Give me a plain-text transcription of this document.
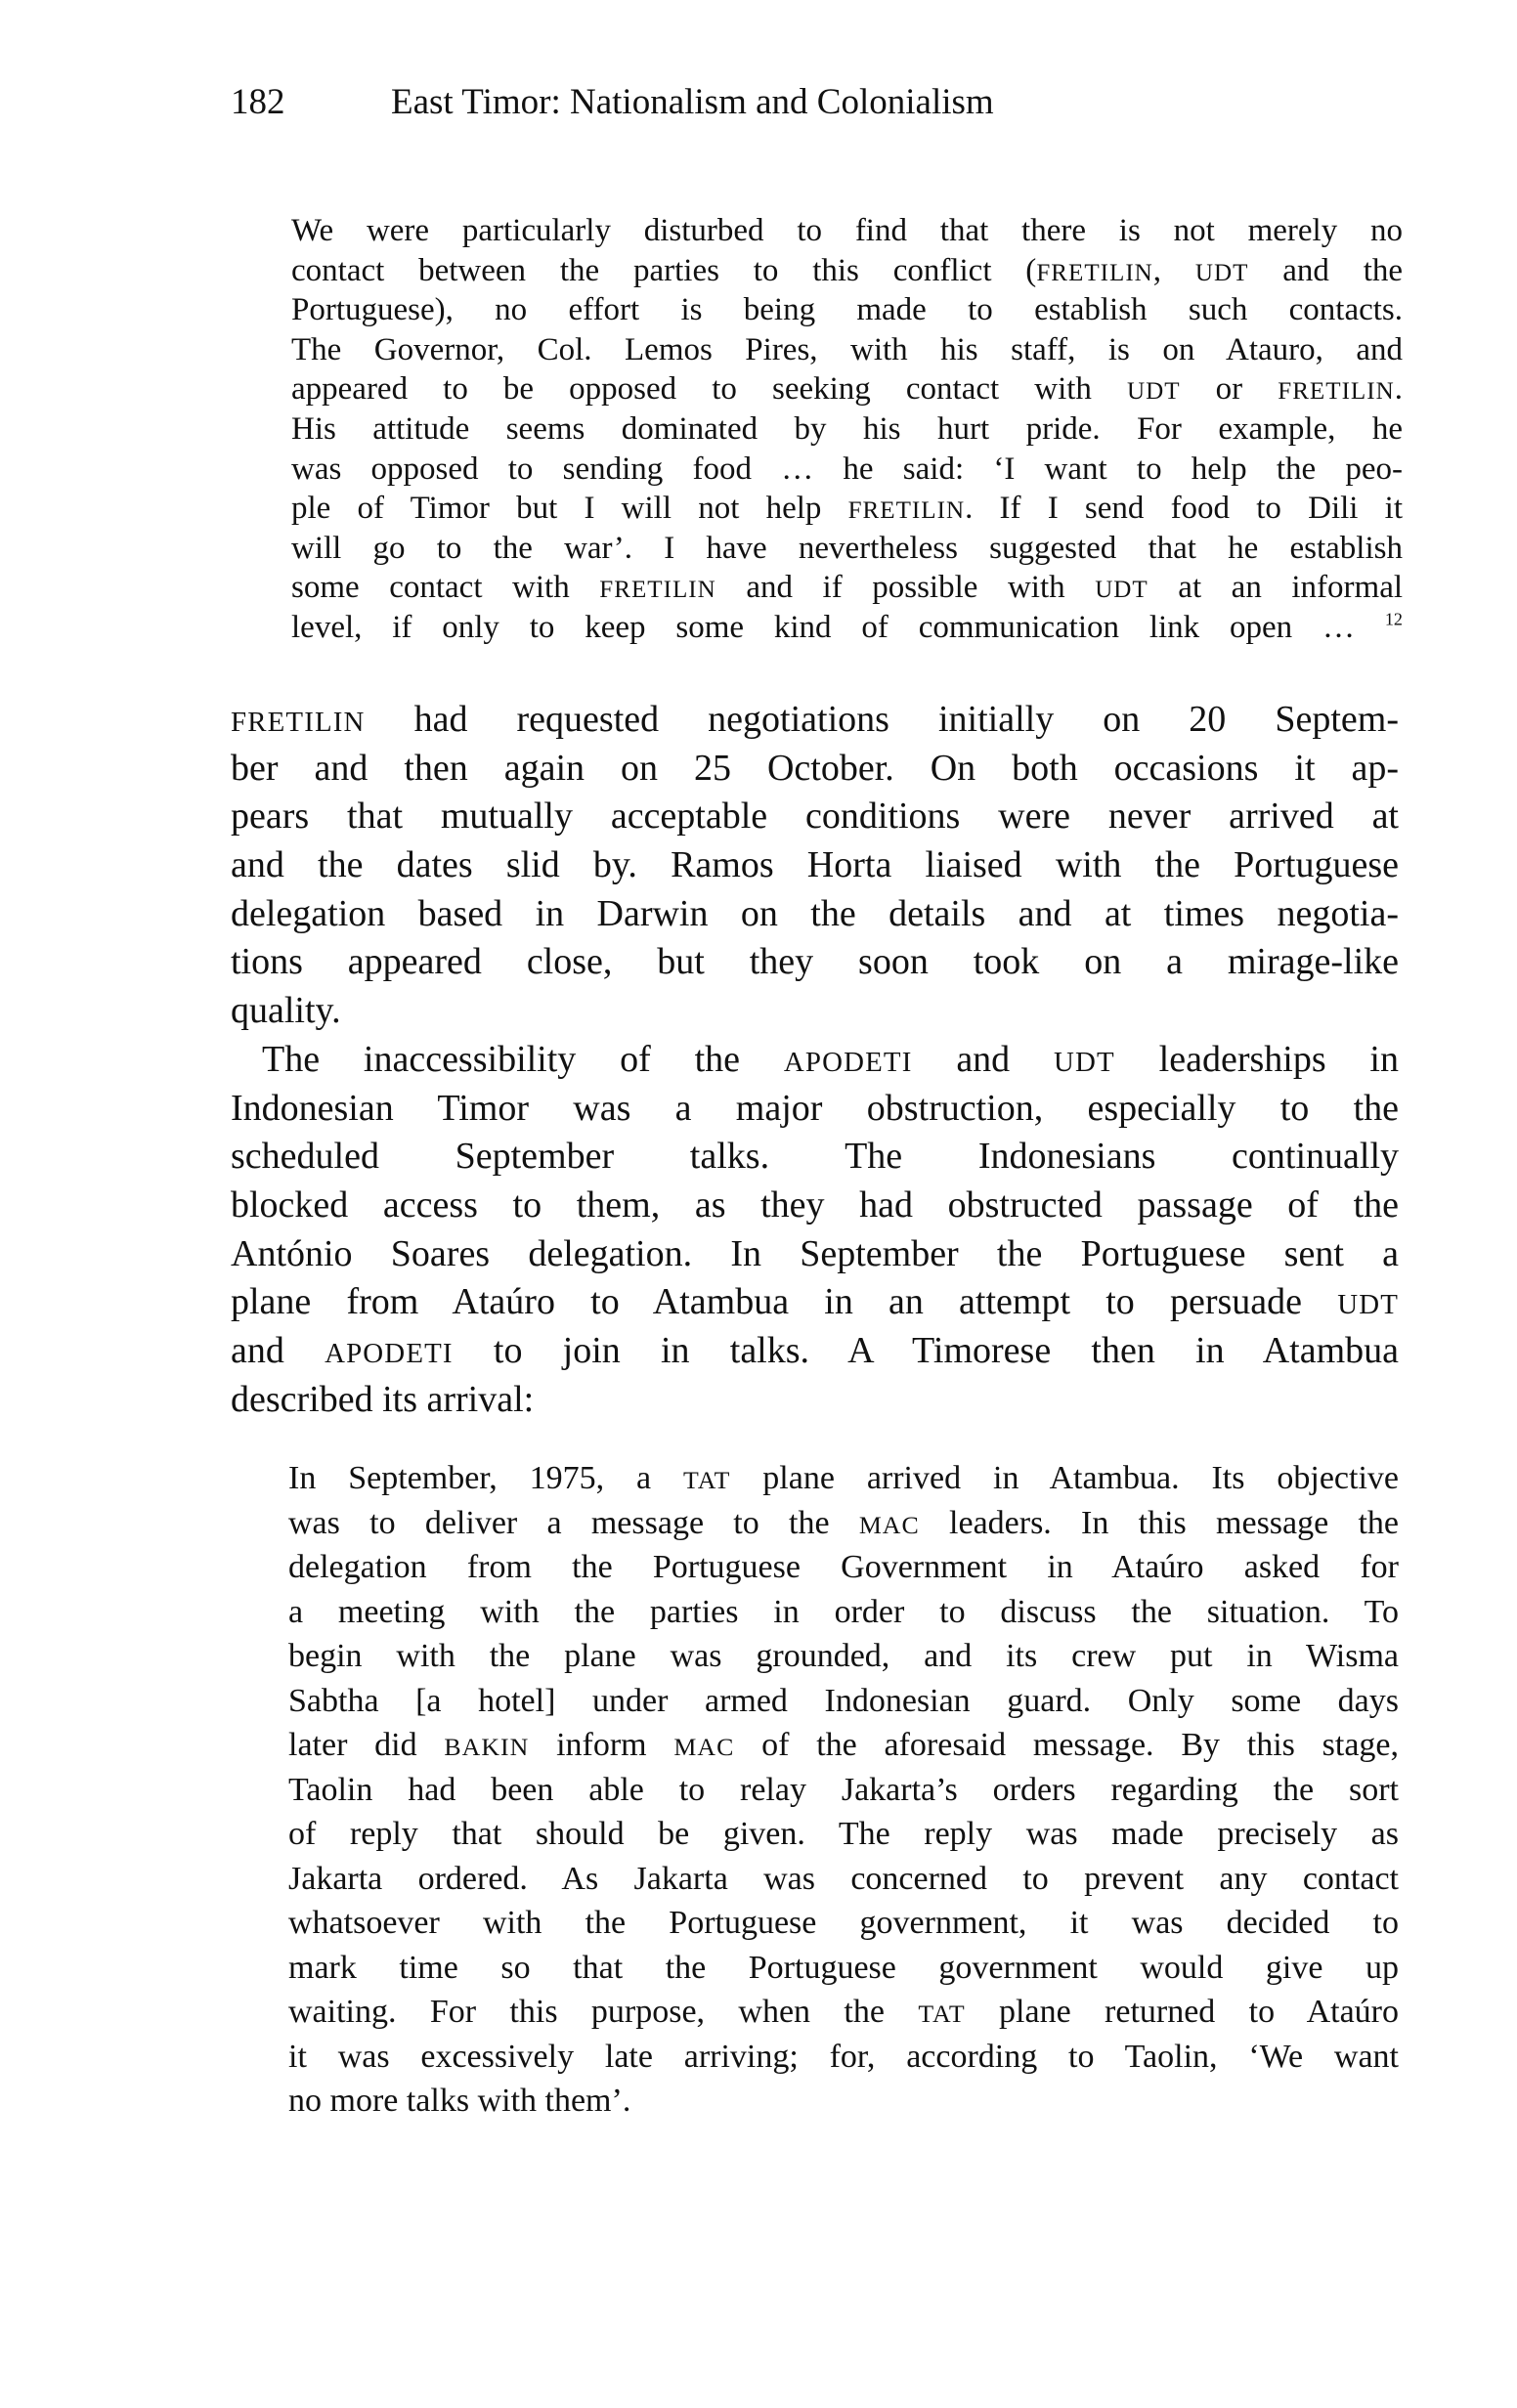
182	East Timor: Nationalism and Colonialism
We were particularly disturbed to find that there is not merely no
contact between the parties to this conflict (FRETILIN, UDT and the
Portuguese), no effort is being made to establish such contacts.
The Governor, Col. Lemos Pires, with his staff, is on Atauro, and
appeared to be opposed to seeking contact with UDT or FRETILIN.
His attitude seems dominated by his hurt pride. For example, he
was opposed to sending food … he said: ‘I want to help the peo-
ple of Timor but I will not help FRETILIN. If I send food to Dili it
will go to the war’. I have nevertheless suggested that he establish
some contact with FRETILIN and if possible with UDT at an informal
level, if only to keep some kind of communication link open … $^{12}$
FRETILIN had requested negotiations initially on 20 Septem-
ber and then again on 25 October. On both occasions it ap-
pears that mutually acceptable conditions were never arrived at
and the dates slid by. Ramos Horta liaised with the Portuguese
delegation based in Darwin on the details and at times negotia-
tions appeared close, but they soon took on a mirage-like
quality.
The inaccessibility of the APODETI and UDT leaderships in
Indonesian Timor was a major obstruction, especially to the
scheduled September talks. The Indonesians continually
blocked access to them, as they had obstructed passage of the
António Soares delegation. In September the Portuguese sent a
plane from Ataúro to Atambua in an attempt to persuade UDT
and APODETI to join in talks. A Timorese then in Atambua
described its arrival:
In September, 1975, a TAT plane arrived in Atambua. Its objective
was to deliver a message to the MAC leaders. In this message the
delegation from the Portuguese Government in Ataúro asked for
a meeting with the parties in order to discuss the situation. To
begin with the plane was grounded, and its crew put in Wisma
Sabtha [a hotel] under armed Indonesian guard. Only some days
later did BAKIN inform MAC of the aforesaid message. By this stage,
Taolin had been able to relay Jakarta’s orders regarding the sort
of reply that should be given. The reply was made precisely as
Jakarta ordered. As Jakarta was concerned to prevent any contact
whatsoever with the Portuguese government, it was decided to
mark time so that the Portuguese government would give up
waiting. For this purpose, when the TAT plane returned to Ataúro
it was excessively late arriving; for, according to Taolin, ‘We want
no more talks with them’.
